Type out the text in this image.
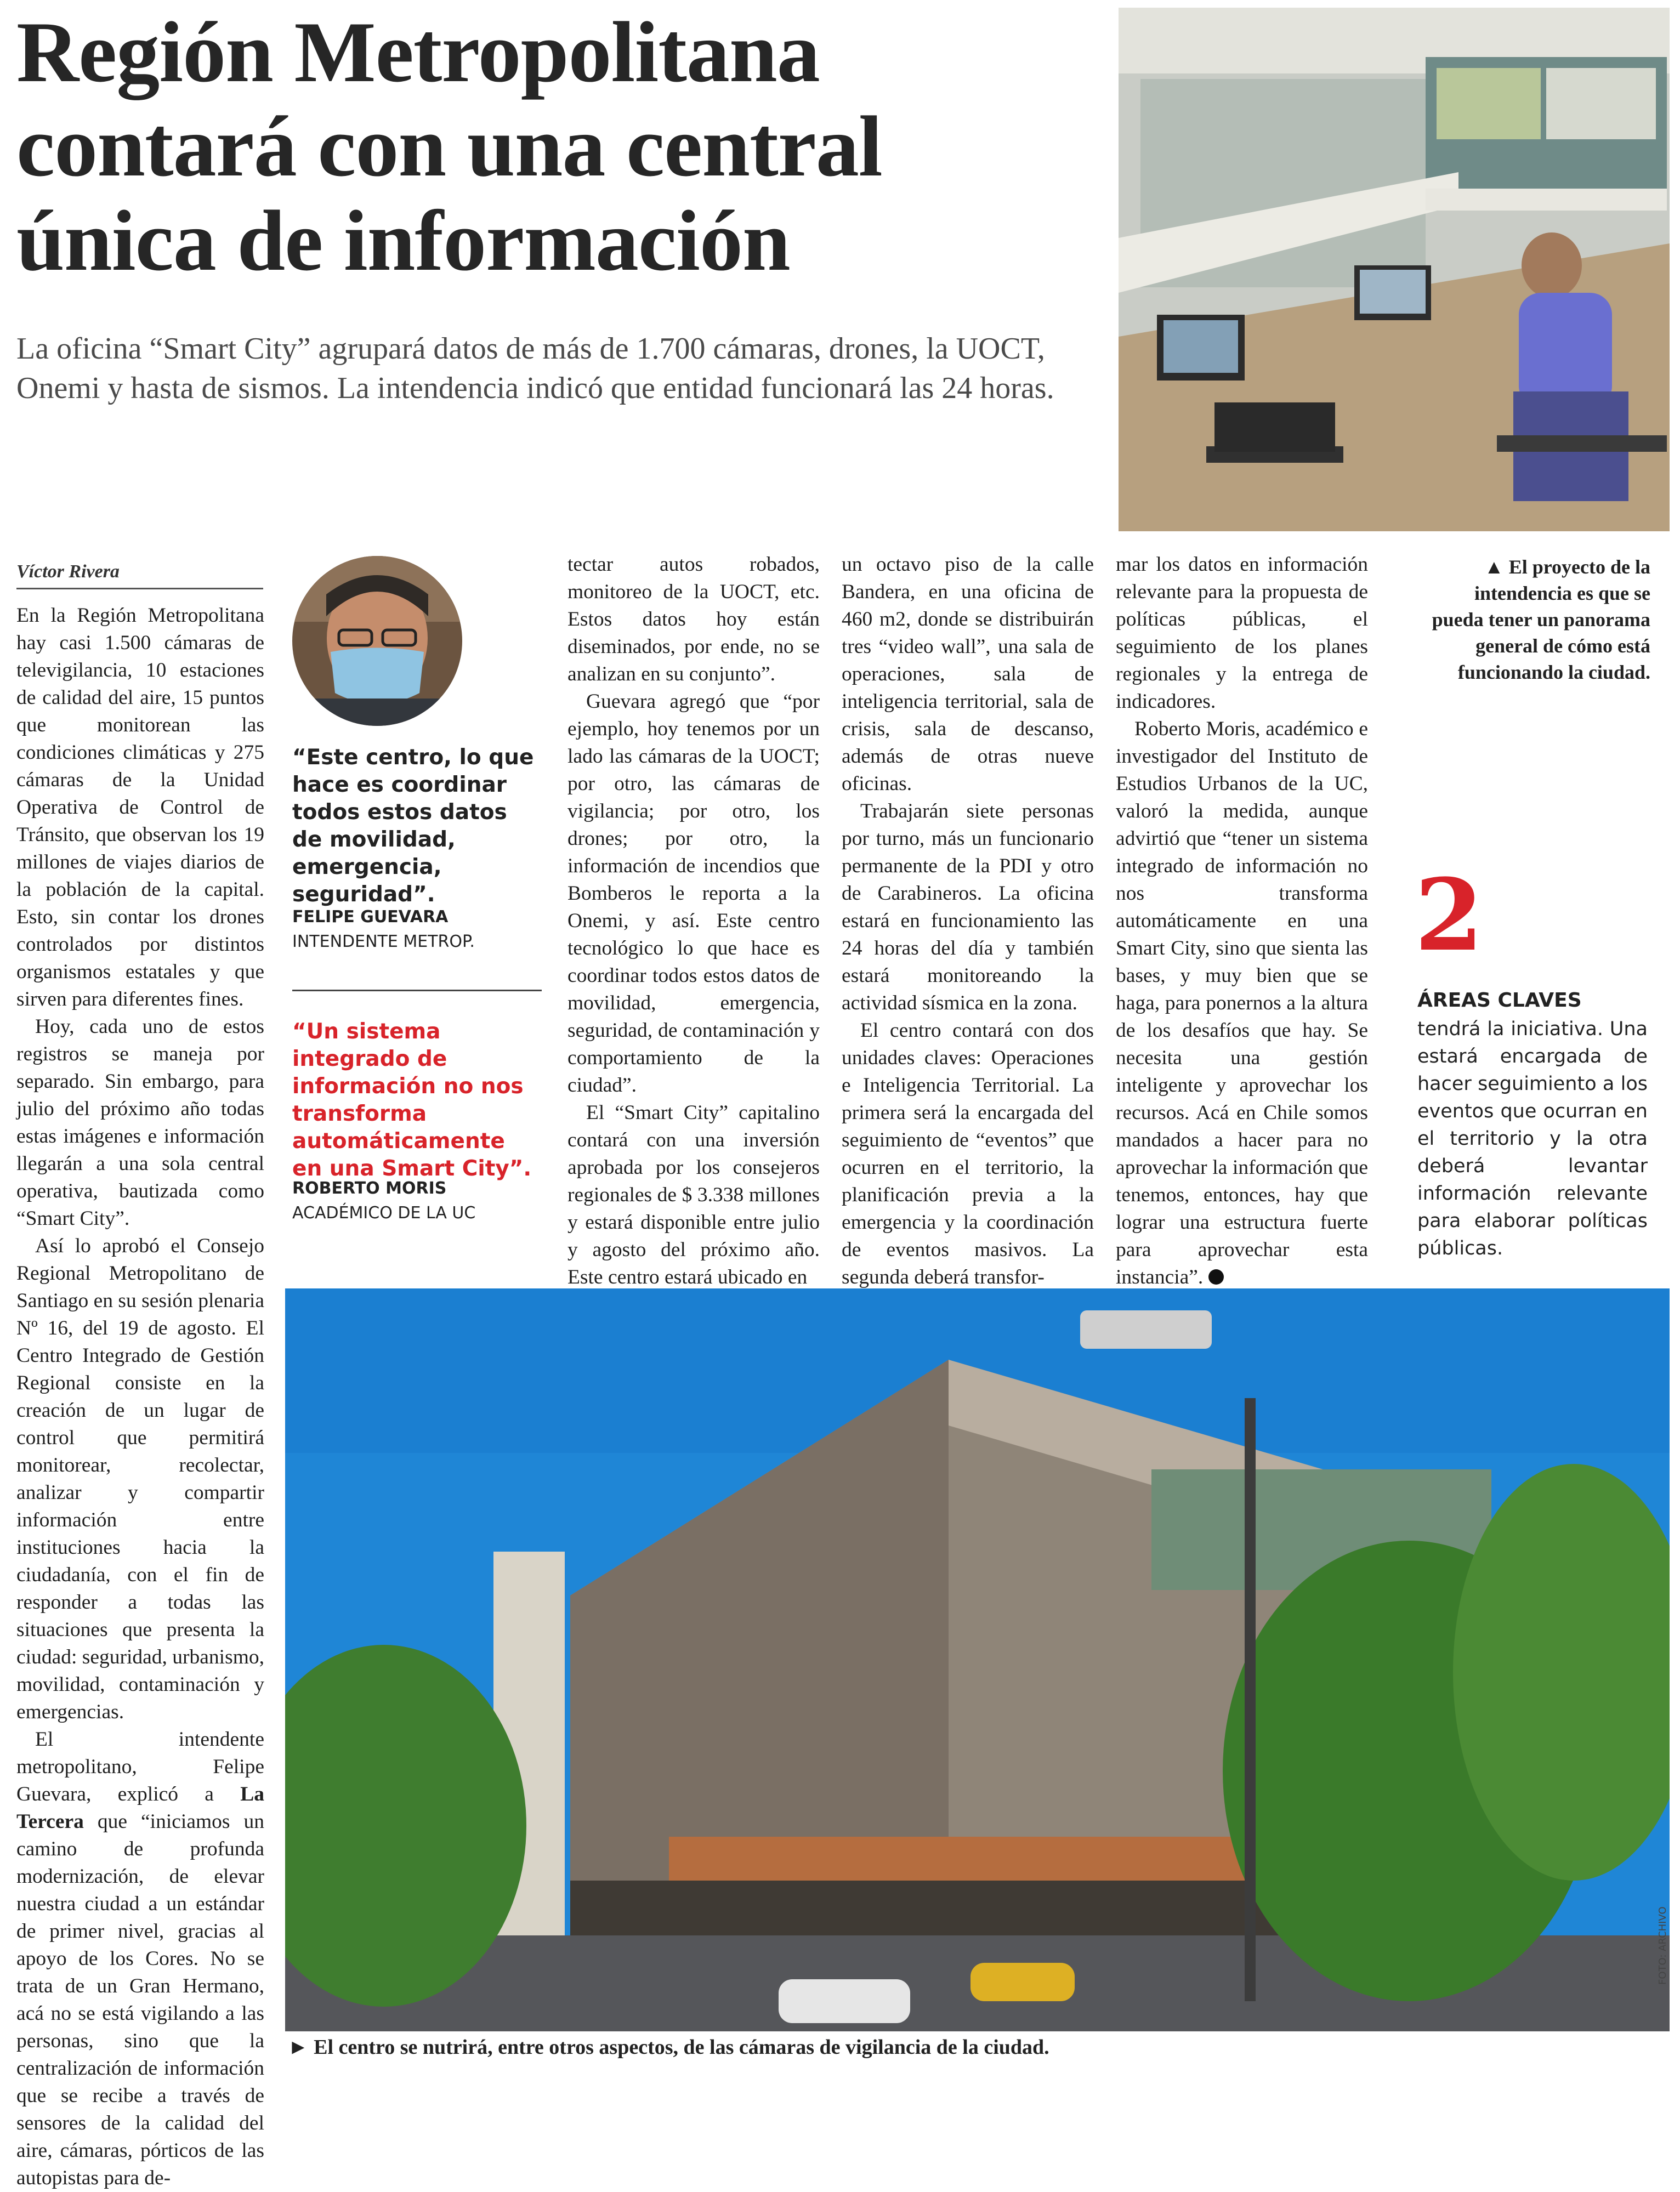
Región Metropolitana
contará con una central
única de información
La oficina “Smart City” agrupará datos de más de 1.700 cámaras, drones, la UOCT,
Onemi y hasta de sismos. La intendencia indicó que entidad funcionará las 24 horas.
Víctor Rivera

En la Región Metropolitana hay casi 1.500 cámaras de televigilancia, 10 estaciones de calidad del aire, 15 puntos que monitorean las condiciones climáticas y 275 cámaras de la Unidad Operativa de Control de Tránsito, que observan los 19 millones de viajes diarios de la población de la capital. Esto, sin contar los drones controlados por distintos organismos estatales y que sirven para diferentes fines.

Hoy, cada uno de estos registros se maneja por separado. Sin embargo, para julio del próximo año todas estas imágenes e información llegarán a una sola central operativa, bautizada como “Smart City”.

Así lo aprobó el Consejo Regional Metropolitano de Santiago en su sesión plenaria Nº 16, del 19 de agosto. El Centro Integrado de Gestión Regional consiste en la creación de un lugar de control que permitirá monitorear, recolectar, analizar y compartir información entre instituciones hacia la ciudadanía, con el fin de responder a todas las situaciones que presenta la ciudad: seguridad, urbanismo, movilidad, contaminación y emergencias.

El intendente metropolitano, Felipe Guevara, explicó a La Tercera que “iniciamos un camino de profunda modernización, de elevar nuestra ciudad a un estándar de primer nivel, gracias al apoyo de los Cores. No se trata de un Gran Hermano, acá no se está vigilando a las personas, sino que la centralización de información que se recibe a través de sensores de la calidad del aire, cámaras, pórticos de las autopistas para de-

“Este centro, lo que hace es coordinar todos estos datos de movilidad, emergencia, seguridad”.
FELIPE GUEVARA
INTENDENTE METROP.
“Un sistema integrado de información no nos transforma automáticamente en una Smart City”.
ROBERTO MORIS
ACADÉMICO DE LA UC

tectar autos robados, monitoreo de la UOCT, etc. Estos datos hoy están diseminados, por ende, no se analizan en su conjunto”.

Guevara agregó que “por ejemplo, hoy tenemos por un lado las cámaras de la UOCT; por otro, las cámaras de vigilancia; por otro, los drones; por otro, la información de incendios que Bomberos le reporta a la Onemi, y así. Este centro tecnológico lo que hace es coordinar todos estos datos de movilidad, emergencia, seguridad, de contaminación y comportamiento de la ciudad”.

El “Smart City” capitalino contará con una inversión aprobada por los consejeros regionales de $ 3.338 millones y estará disponible entre julio y agosto del próximo año. Este centro estará ubicado en

un octavo piso de la calle Bandera, en una oficina de 460 m2, donde se distribuirán tres “video wall”, una sala de operaciones, sala de inteligencia territorial, sala de crisis, sala de descanso, además de otras nueve oficinas.

Trabajarán siete personas por turno, más un funcionario permanente de la PDI y otro de Carabineros. La oficina estará en funcionamiento las 24 horas del día y también estará monitoreando la actividad sísmica en la zona.

El centro contará con dos unidades claves: Operaciones e Inteligencia Territorial. La primera será la encargada del seguimiento de “eventos” que ocurren en el territorio, la planificación previa a la emergencia y la coordinación de eventos masivos. La segunda deberá transfor-

mar los datos en información relevante para la propuesta de políticas públicas, el seguimiento de los planes regionales y la entrega de indicadores.

Roberto Moris, académico e investigador del Instituto de Estudios Urbanos de la UC, valoró la medida, aunque advirtió que “tener un sistema integrado de información no nos transforma automáticamente en una Smart City, sino que sienta las bases, y muy bien que se haga, para ponernos a la altura de los desafíos que hay. Se necesita una gestión inteligente y aprovechar los recursos. Acá en Chile somos mandados a hacer para no aprovechar la información que tenemos, entonces, hay que lograr una estructura fuerte para aprovechar esta instancia”.

▲ El proyecto de la intendencia es que se pueda tener un panorama general de cómo está funcionando la ciudad.
2
ÁREAS CLAVES
tendrá la iniciativa. Una estará encargada de hacer seguimiento a los eventos que ocurran en el territorio y la otra deberá levantar información relevante para elaborar políticas públicas.
► El centro se nutrirá, entre otros aspectos, de las cámaras de vigilancia de la ciudad.
FOTO: ARCHIVO
